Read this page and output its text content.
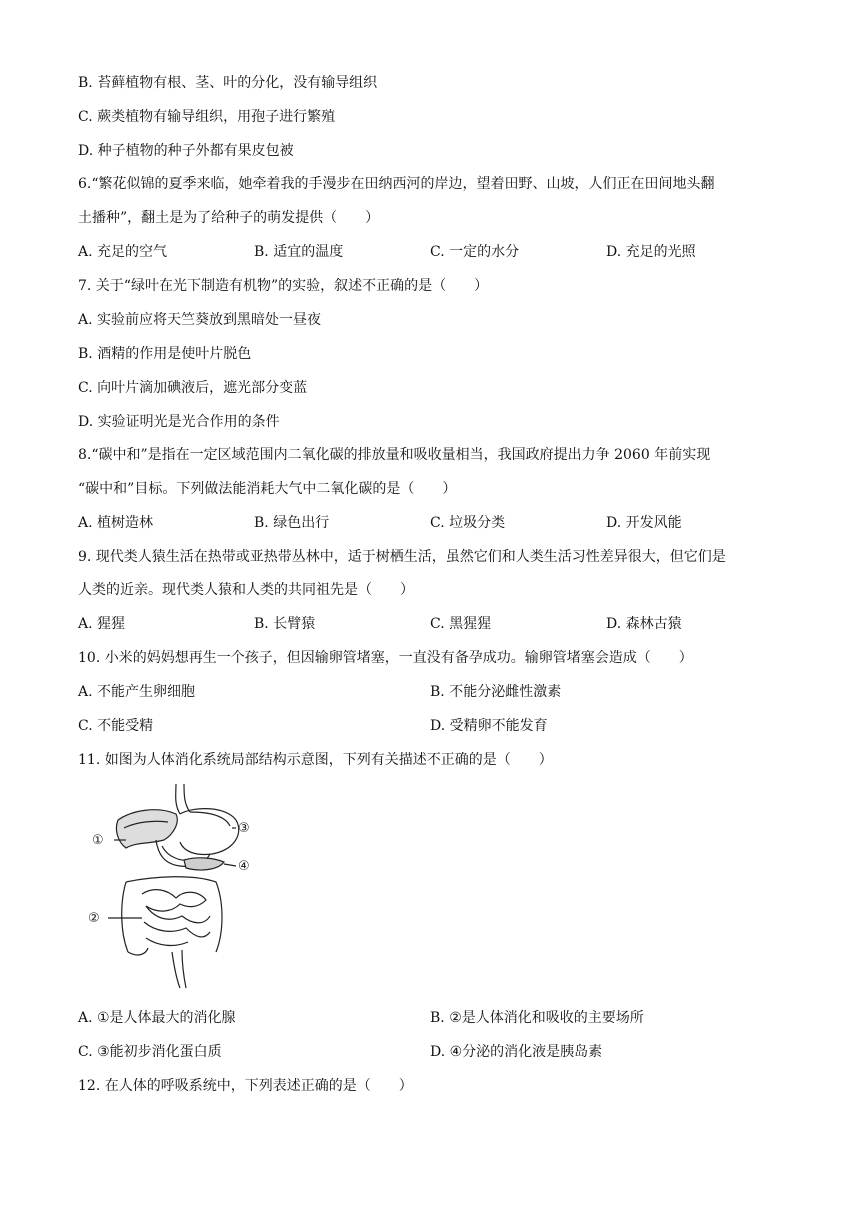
B. 苔藓植物有根、茎、叶的分化，没有输导组织
C. 蕨类植物有输导组织，用孢子进行繁殖
D. 种子植物的种子外都有果皮包被
6.“繁花似锦的夏季来临，她牵着我的手漫步在田纳西河的岸边，望着田野、山坡，人们正在田间地头翻
土播种”，翻土是为了给种子的萌发提供（　　）
A. 充足的空气	B. 适宜的温度	C. 一定的水分	D. 充足的光照
7. 关于“绿叶在光下制造有机物”的实验，叙述不正确的是（　　）
A. 实验前应将天竺葵放到黑暗处一昼夜
B. 酒精的作用是使叶片脱色
C. 向叶片滴加碘液后，遮光部分变蓝
D. 实验证明光是光合作用的条件
8.“碳中和”是指在一定区域范围内二氧化碳的排放量和吸收量相当，我国政府提出力争 2060 年前实现
“碳中和”目标。下列做法能消耗大气中二氧化碳的是（　　）
A. 植树造林	B. 绿色出行	C. 垃圾分类	D. 开发风能
9. 现代类人猿生活在热带或亚热带丛林中，适于树栖生活，虽然它们和人类生活习性差异很大，但它们是
人类的近亲。现代类人猿和人类的共同祖先是（　　）
A. 猩猩	B. 长臂猿	C. 黑猩猩	D. 森林古猿
10. 小米的妈妈想再生一个孩子，但因输卵管堵塞，一直没有备孕成功。输卵管堵塞会造成（　　）
A. 不能产生卵细胞	B. 不能分泌雌性激素
C. 不能受精	D. 受精卵不能发育
11. 如图为人体消化系统局部结构示意图，下列有关描述不正确的是（　　）
①
②
③
④
A. ①是人体最大的消化腺	B. ②是人体消化和吸收的主要场所
C. ③能初步消化蛋白质	D. ④分泌的消化液是胰岛素
12. 在人体的呼吸系统中，下列表述正确的是（　　）
